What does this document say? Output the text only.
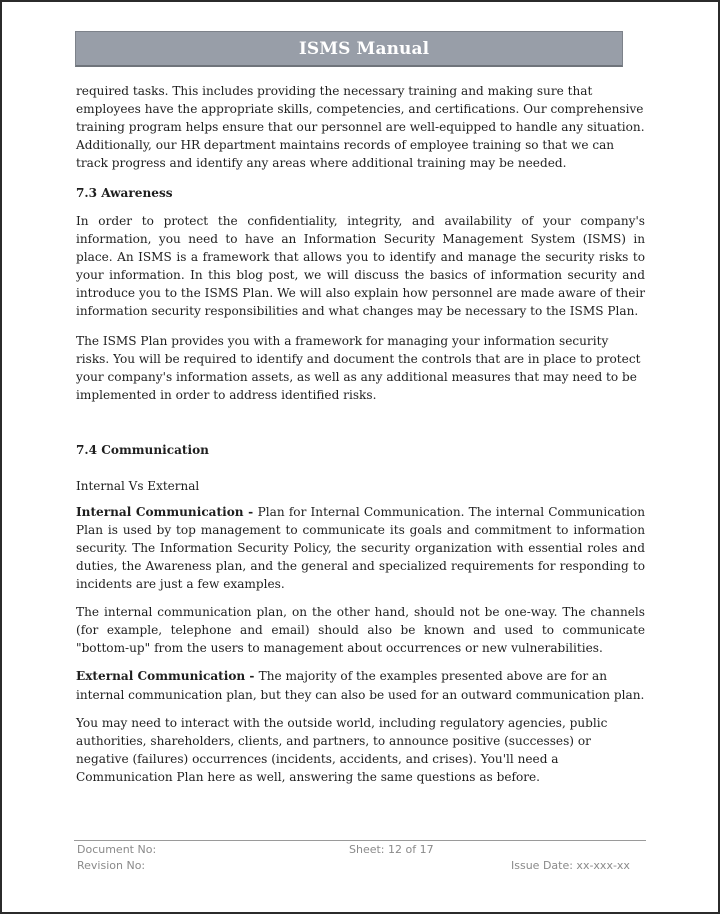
ISMS Manual

required tasks. This includes providing the necessary training and making sure that employees have the appropriate skills, competencies, and certifications. Our comprehensive training program helps ensure that our personnel are well-equipped to handle any situation. Additionally, our HR department maintains records of employee training so that we can track progress and identify any areas where additional training may be needed.

7.3 Awareness

In order to protect the confidentiality, integrity, and availability of your company's information, you need to have an Information Security Management System (ISMS) in place. An ISMS is a framework that allows you to identify and manage the security risks to your information. In this blog post, we will discuss the basics of information security and introduce you to the ISMS Plan. We will also explain how personnel are made aware of their information security responsibilities and what changes may be necessary to the ISMS Plan.

The ISMS Plan provides you with a framework for managing your information security risks. You will be required to identify and document the controls that are in place to protect your company's information assets, as well as any additional measures that may need to be implemented in order to address identified risks.

7.4 Communication

Internal Vs External

Internal Communication - Plan for Internal Communication. The internal Communication Plan is used by top management to communicate its goals and commitment to information security. The Information Security Policy, the security organization with essential roles and duties, the Awareness plan, and the general and specialized requirements for responding to incidents are just a few examples.

The internal communication plan, on the other hand, should not be one-way. The channels (for example, telephone and email) should also be known and used to communicate "bottom-up" from the users to management about occurrences or new vulnerabilities.

External Communication - The majority of the examples presented above are for an internal communication plan, but they can also be used for an outward communication plan.

You may need to interact with the outside world, including regulatory agencies, public authorities, shareholders, clients, and partners, to announce positive (successes) or negative (failures) occurrences (incidents, accidents, and crises). You'll need a Communication Plan here as well, answering the same questions as before.

Document No:	Sheet: 12 of 17
Revision No:	Issue Date: xx-xxx-xx
